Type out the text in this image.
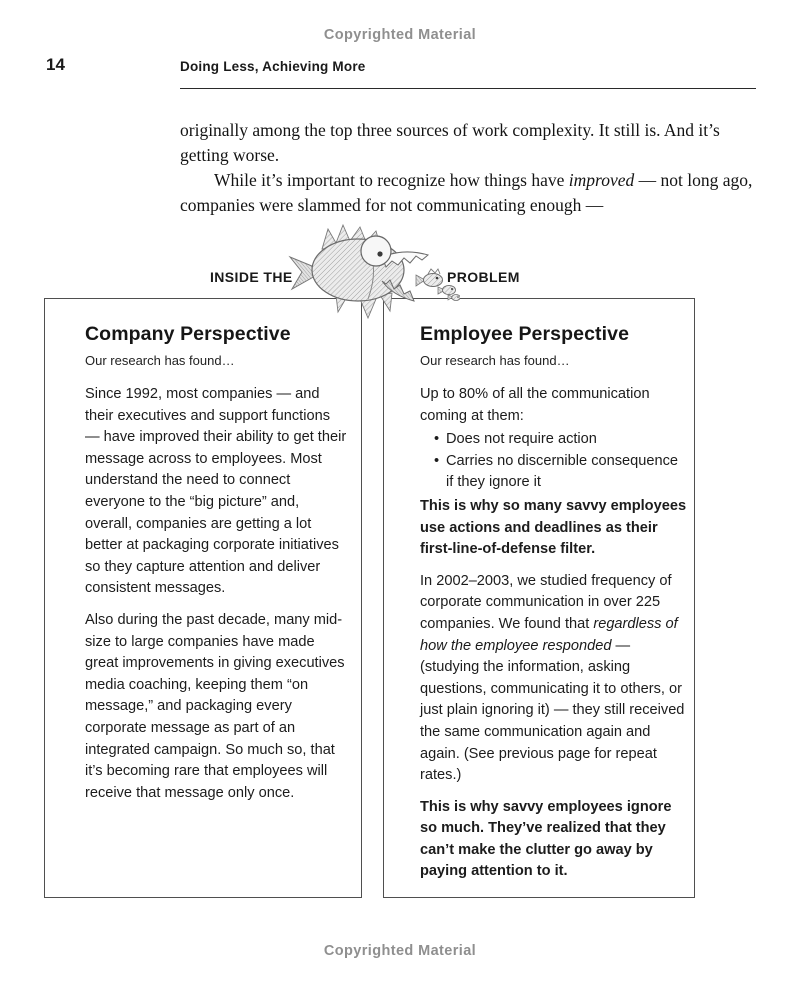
Copyrighted Material
14	Doing Less, Achieving More

originally among the top three sources of work complexity. It still is. And it’s getting worse.

While it’s important to recognize how things have improved — not long ago, companies were slammed for not communicating enough —

INSIDE THE	PROBLEM
Company Perspective

Our research has found…

Since 1992, most companies — and their executives and support functions — have improved their ability to get their message across to employees. Most understand the need to connect everyone to the “big picture” and, overall, companies are getting a lot better at packaging corporate initiatives so they capture attention and deliver consistent messages.

Also during the past decade, many mid-size to large companies have made great improvements in giving executives media coaching, keeping them “on message,” and packaging every corporate message as part of an integrated campaign. So much so, that it’s becoming rare that employees will receive that message only once.

Employee Perspective

Our research has found…

Up to 80% of all the communication coming at them:

• Does not require action
• Carries no discernible consequence if they ignore it

This is why so many savvy employees use actions and deadlines as their first-line-of-defense filter.

In 2002–2003, we studied frequency of corporate communication in over 225 companies. We found that regardless of how the employee responded — (studying the information, asking questions, communicating it to others, or just plain ignoring it) — they still received the same communication again and again. (See previous page for repeat rates.)

This is why savvy employees ignore so much. They’ve realized that they can’t make the clutter go away by paying attention to it.

Copyrighted Material
